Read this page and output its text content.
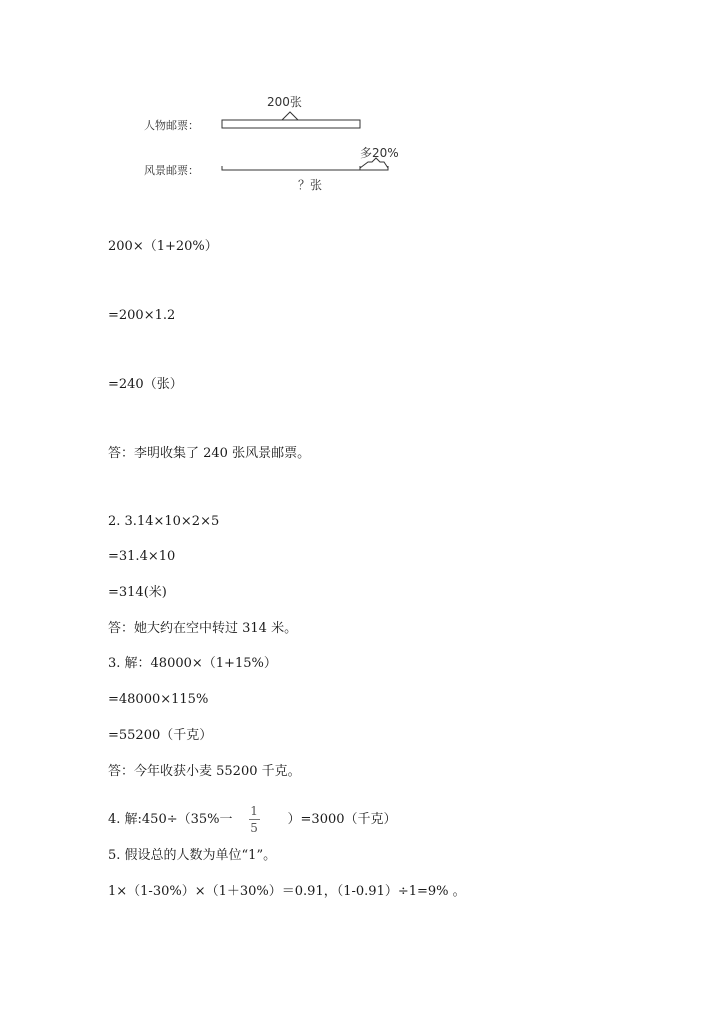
人物邮票：
200张
风景邮票：
多20%
？张
200×（1+20%）
=200×1.2
=240（张）
答：李明收集了 240 张风景邮票。
2. 3.14×10×2×5
=31.4×10
=314(米)
答：她大约在空中转过 314 米。
3. 解：48000×（1+15%）
=48000×115%
=55200（千克）
答：今年收获小麦 55200 千克。
4. 解:450÷（35%一 $\frac{1}{5} )=3000$（千克）
5. 假设总的人数为单位“1”。
1×（1-30%）×（1＋30%）＝0.91，（1-0.91）÷1=9% 。
